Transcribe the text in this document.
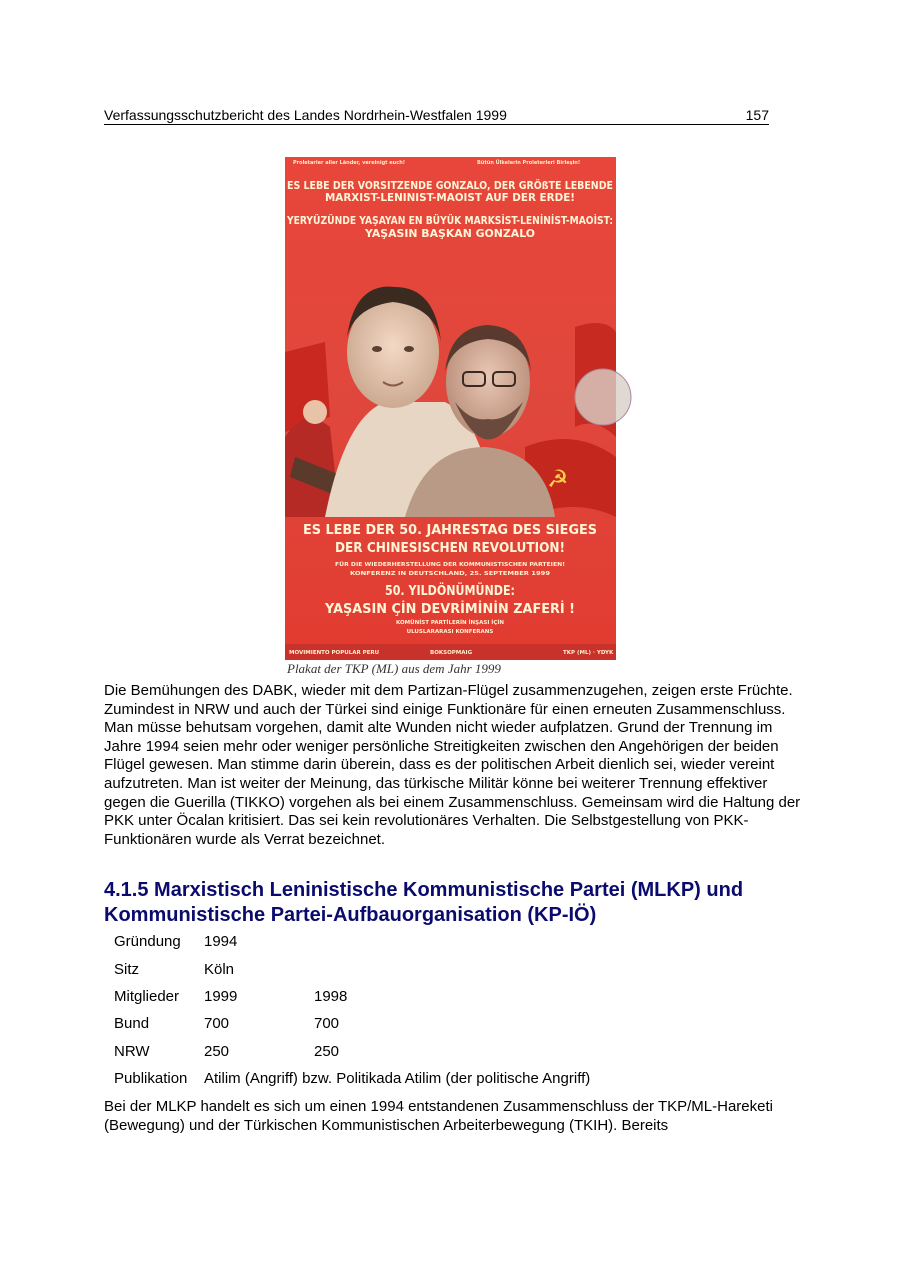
Verfassungsschutzbericht des Landes Nordrhein-Westfalen 1999	157
Proletarier aller Länder, vereinigt euch!	Bütün Ülkelerin Proleterleri Birleşin!
ES LEBE DER VORSITZENDE GONZALO, DER GRÖßTE LEBENDE
MARXIST-LENINIST-MAOIST AUF DER ERDE!
YERYÜZÜNDE YAŞAYAN EN BÜYÜK MARKSİST-LENİNİST-MAOİST:
YAŞASIN BAŞKAN GONZALO
☭
ES LEBE DER 50. JAHRESTAG DES SIEGES
DER CHINESISCHEN REVOLUTION!
FÜR DIE WIEDERHERSTELLUNG DER KOMMUNISTISCHEN PARTEIEN!
KONFERENZ IN DEUTSCHLAND, 25. SEPTEMBER 1999
50. YILDÖNÜMÜNDE:
YAŞASIN ÇİN DEVRİMİNİN ZAFERİ !
KOMÜNİST PARTİLERİN İNŞASI İÇİN
ULUSLARARASI KONFERANS
MOVIMIENTO POPULAR PERU	BOKSOPMAIG	TKP (ML) · YDYK
Plakat der TKP (ML) aus dem Jahr 1999

Die Bemühungen des DABK, wieder mit dem Partizan-Flügel zusammenzugehen, zeigen erste Früchte. Zumindest in NRW und auch der Türkei sind einige Funktionäre für einen erneuten Zusammenschluss. Man müsse behutsam vorgehen, damit alte Wunden nicht wieder aufplatzen. Grund der Trennung im Jahre 1994 seien mehr oder weniger persönliche Streitigkeiten zwischen den Angehörigen der beiden Flügel gewesen. Man stimme darin überein, dass es der politischen Arbeit dienlich sei, wieder vereint aufzutreten. Man ist weiter der Meinung, das türkische Militär könne bei weiterer Trennung effektiver gegen die Guerilla (TIKKO) vorgehen als bei einem Zusammenschluss. Gemeinsam wird die Haltung der PKK unter Öcalan kritisiert. Das sei kein revolutionäres Verhalten. Die Selbstgestellung von PKK-Funktionären wurde als Verrat bezeichnet.

4.1.5 Marxistisch Leninistische Kommunistische Partei (MLKP) und Kommunistische Partei-Aufbauorganisation (KP-IÖ)
Gründung	1994	
Sitz	Köln	
Mitglieder	1999	1998
Bund	700	700
NRW	250	250
Publikation	Atilim (Angriff) bzw. Politikada Atilim (der politische Angriff)	

Bei der MLKP handelt es sich um einen 1994 entstandenen Zusammenschluss der TKP/ML-Hareketi (Bewegung) und der Türkischen Kommunistischen Arbeiterbewegung (TKIH). Bereits
